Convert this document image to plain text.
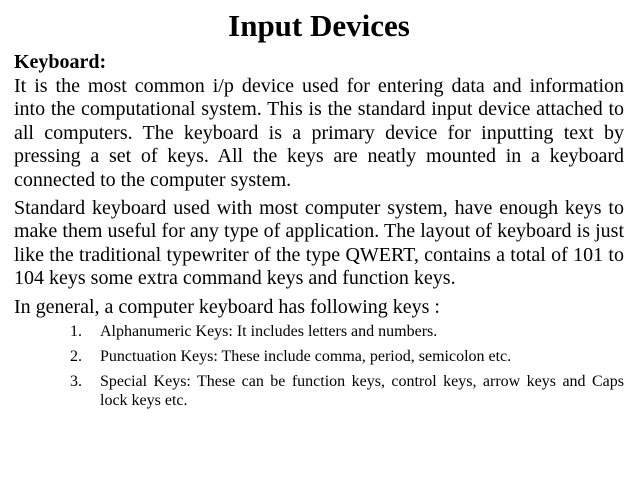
Input Devices
Keyboard:

It is the most common i/p device used for entering data and information into the computational system. This is the standard input device attached to all computers. The keyboard is a primary device for inputting text by pressing a set of keys. All the keys are neatly mounted in a keyboard connected to the computer system.

Standard keyboard used with most computer system, have enough keys to make them useful for any type of application. The layout of keyboard is just like the traditional typewriter of the type QWERT, contains a total of 101 to 104 keys some extra command keys and function keys.

In general, a computer keyboard has following keys :

1.	Alphanumeric Keys: It includes letters and numbers.
2.	Punctuation Keys: These include comma, period, semicolon etc.
3.	Special Keys: These can be function keys, control keys, arrow keys and Caps lock keys etc.
